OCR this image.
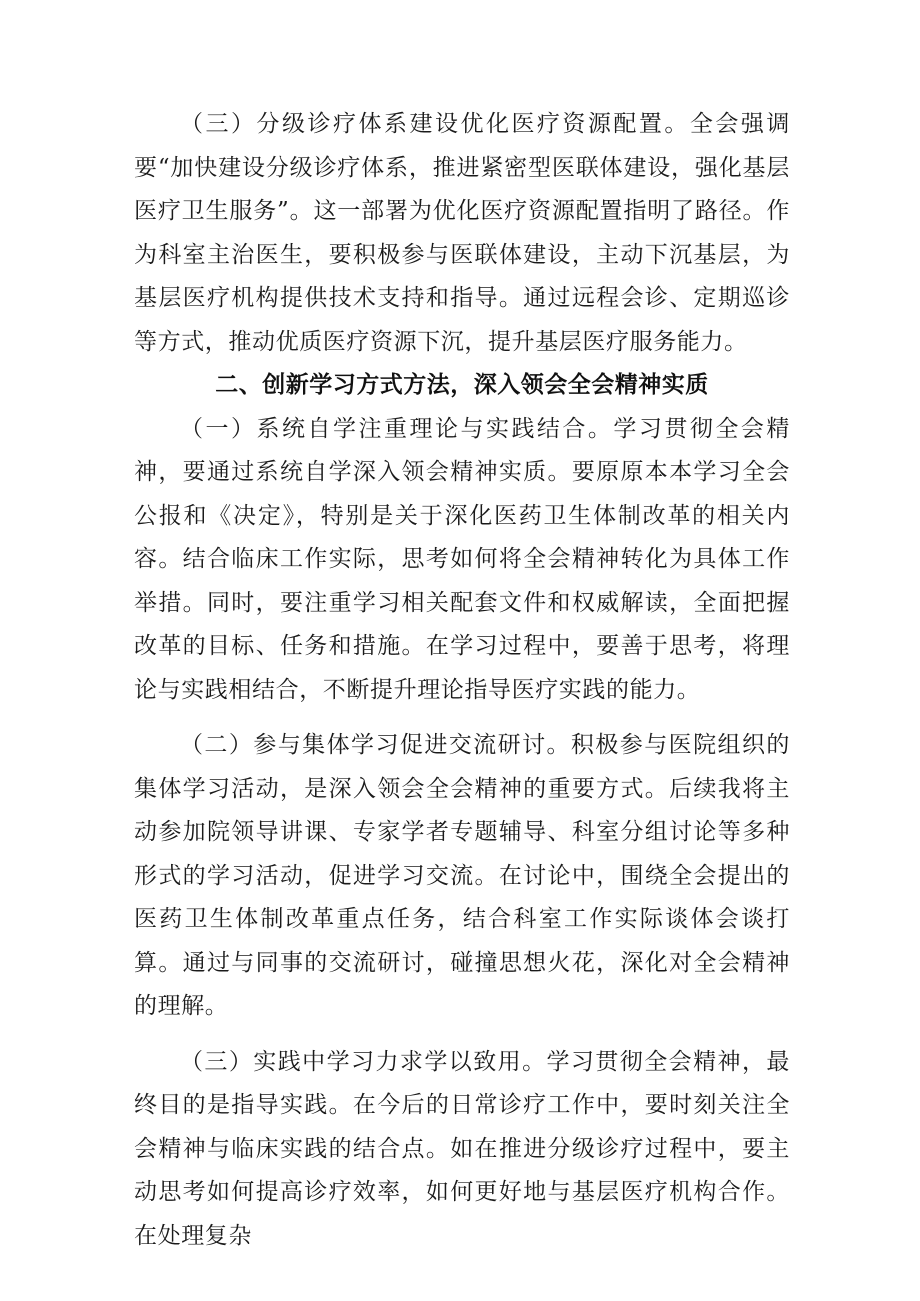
（三）分级诊疗体系建设优化医疗资源配置。全会强调要“加快建设分级诊疗体系，推进紧密型医联体建设，强化基层医疗卫生服务”。这一部署为优化医疗资源配置指明了路径。作为科室主治医生，要积极参与医联体建设，主动下沉基层，为基层医疗机构提供技术支持和指导。通过远程会诊、定期巡诊等方式，推动优质医疗资源下沉，提升基层医疗服务能力。

二、创新学习方式方法，深入领会全会精神实质

（一）系统自学注重理论与实践结合。学习贯彻全会精神，要通过系统自学深入领会精神实质。要原原本本学习全会公报和《决定》，特别是关于深化医药卫生体制改革的相关内容。结合临床工作实际，思考如何将全会精神转化为具体工作举措。同时，要注重学习相关配套文件和权威解读，全面把握改革的目标、任务和措施。在学习过程中，要善于思考，将理论与实践相结合，不断提升理论指导医疗实践的能力。

（二）参与集体学习促进交流研讨。积极参与医院组织的集体学习活动，是深入领会全会精神的重要方式。后续我将主动参加院领导讲课、专家学者专题辅导、科室分组讨论等多种形式的学习活动，促进学习交流。在讨论中，围绕全会提出的医药卫生体制改革重点任务，结合科室工作实际谈体会谈打算。通过与同事的交流研讨，碰撞思想火花，深化对全会精神的理解。

（三）实践中学习力求学以致用。学习贯彻全会精神，最终目的是指导实践。在今后的日常诊疗工作中，要时刻关注全会精神与临床实践的结合点。如在推进分级诊疗过程中，要主动思考如何提高诊疗效率，如何更好地与基层医疗机构合作。在处理复杂
